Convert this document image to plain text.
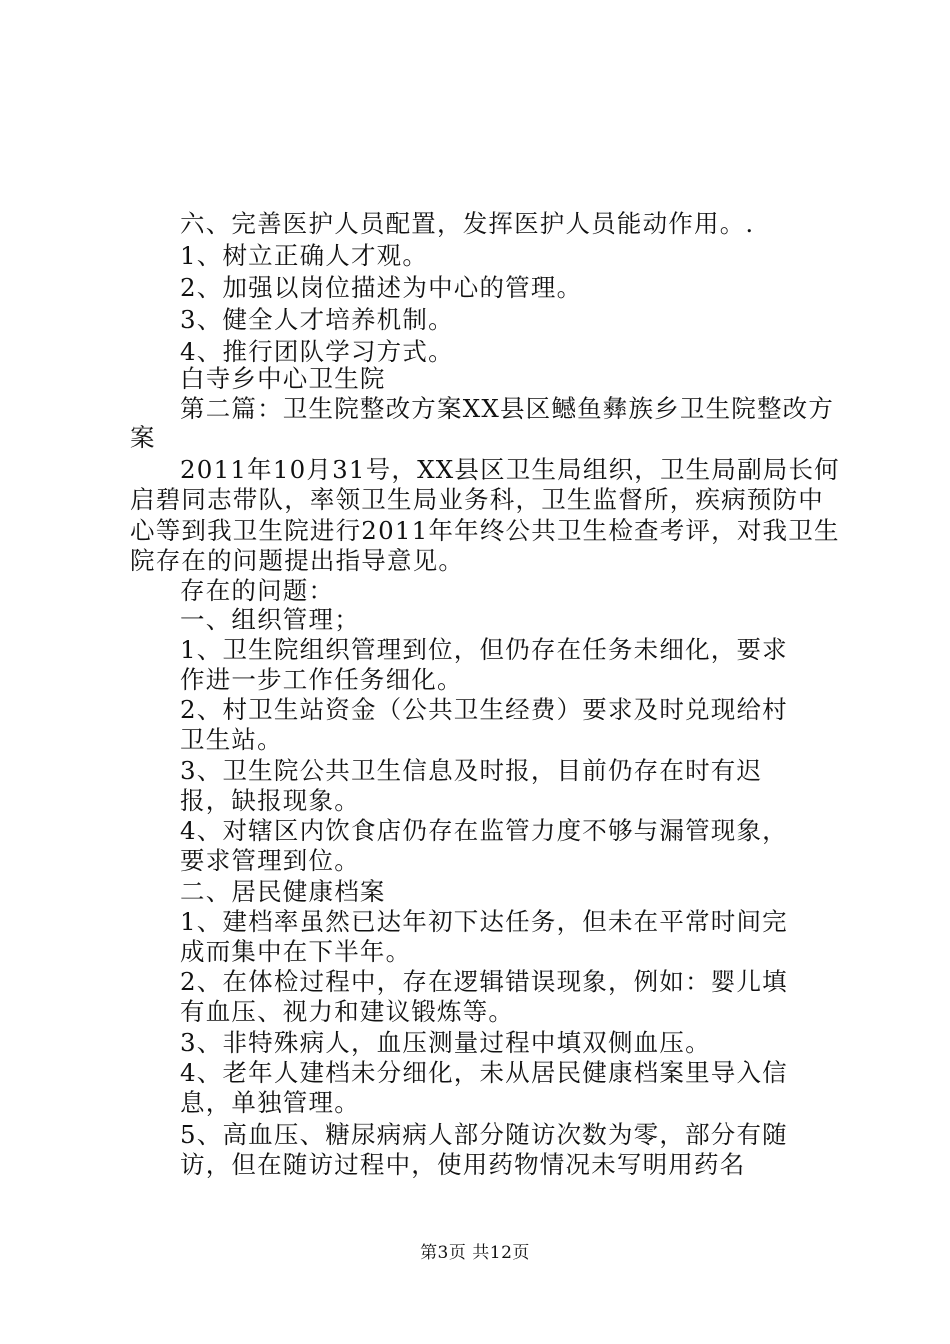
六、完善医护人员配置，发挥医护人员能动作用。.
1、树立正确人才观。
2、加强以岗位描述为中心的管理。
3、健全人才培养机制。
4、推行团队学习方式。
白寺乡中心卫生院
第二篇：卫生院整改方案XX县区鳡鱼彝族乡卫生院整改方
案
2011年10月31号，XX县区卫生局组织，卫生局副局长何
启碧同志带队，率领卫生局业务科，卫生监督所，疾病预防中
心等到我卫生院进行2011年年终公共卫生检查考评，对我卫生
院存在的问题提出指导意见。
存在的问题：
一、组织管理；
1、卫生院组织管理到位，但仍存在任务未细化，要求
作进一步工作任务细化。
2、村卫生站资金（公共卫生经费）要求及时兑现给村
卫生站。
3、卫生院公共卫生信息及时报，目前仍存在时有迟
报，缺报现象。
4、对辖区内饮食店仍存在监管力度不够与漏管现象，
要求管理到位。
二、居民健康档案
1、建档率虽然已达年初下达任务，但未在平常时间完
成而集中在下半年。
2、在体检过程中，存在逻辑错误现象，例如：婴儿填
有血压、视力和建议锻炼等。
3、非特殊病人，血压测量过程中填双侧血压。
4、老年人建档未分细化，未从居民健康档案里导入信
息，单独管理。
5、高血压、糖尿病病人部分随访次数为零，部分有随
访，但在随访过程中，使用药物情况未写明用药名
第3页 共12页
